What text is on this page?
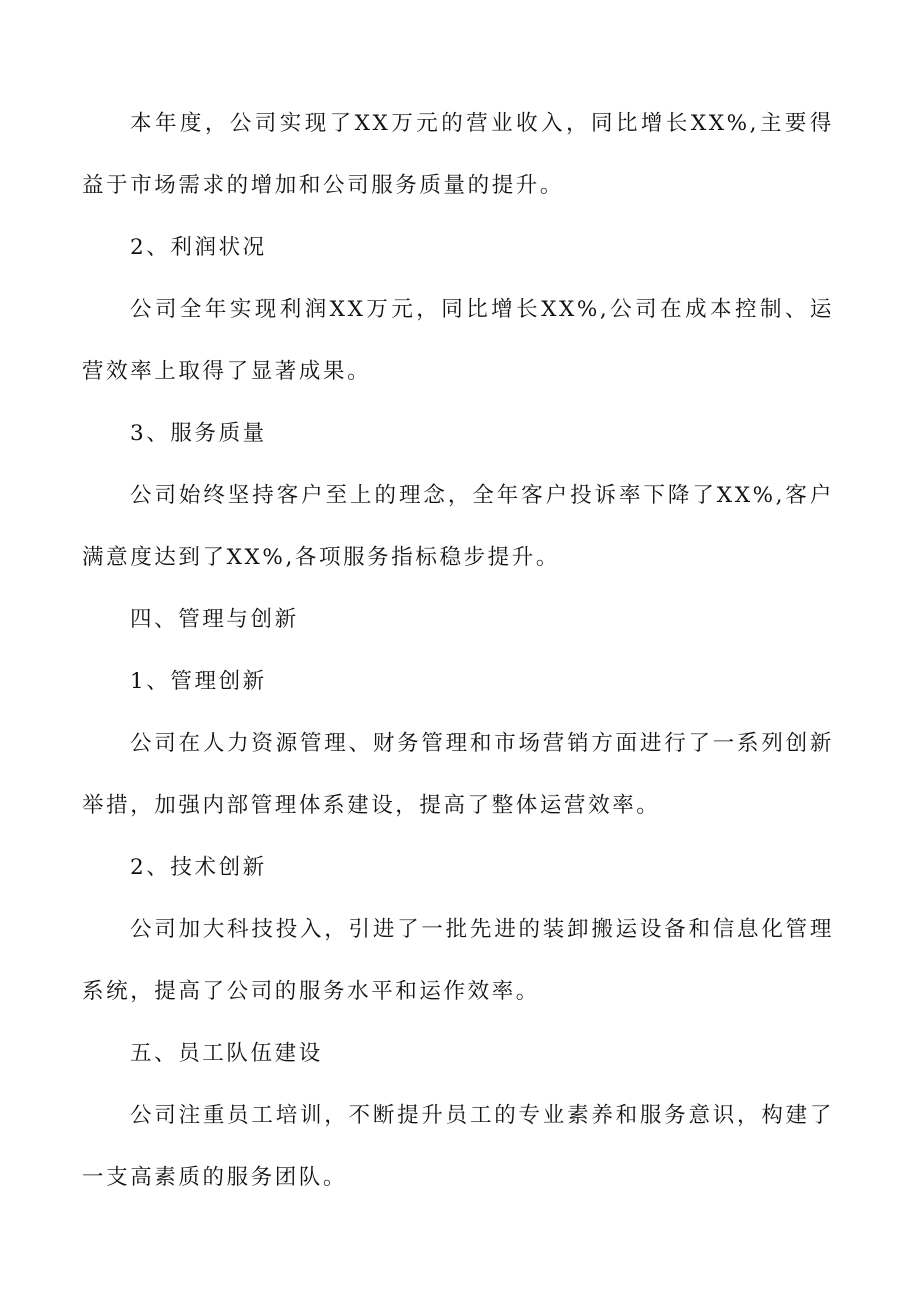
本年度，公司实现了XX万元的营业收入，同比增长XX%,主要得益于市场需求的增加和公司服务质量的提升。

2、利润状况

公司全年实现利润XX万元，同比增长XX%,公司在成本控制、运营效率上取得了显著成果。

3、服务质量

公司始终坚持客户至上的理念，全年客户投诉率下降了XX%,客户满意度达到了XX%,各项服务指标稳步提升。

四、管理与创新

1、管理创新

公司在人力资源管理、财务管理和市场营销方面进行了一系列创新举措，加强内部管理体系建设，提高了整体运营效率。

2、技术创新

公司加大科技投入，引进了一批先进的装卸搬运设备和信息化管理系统，提高了公司的服务水平和运作效率。

五、员工队伍建设

公司注重员工培训，不断提升员工的专业素养和服务意识，构建了一支高素质的服务团队。
